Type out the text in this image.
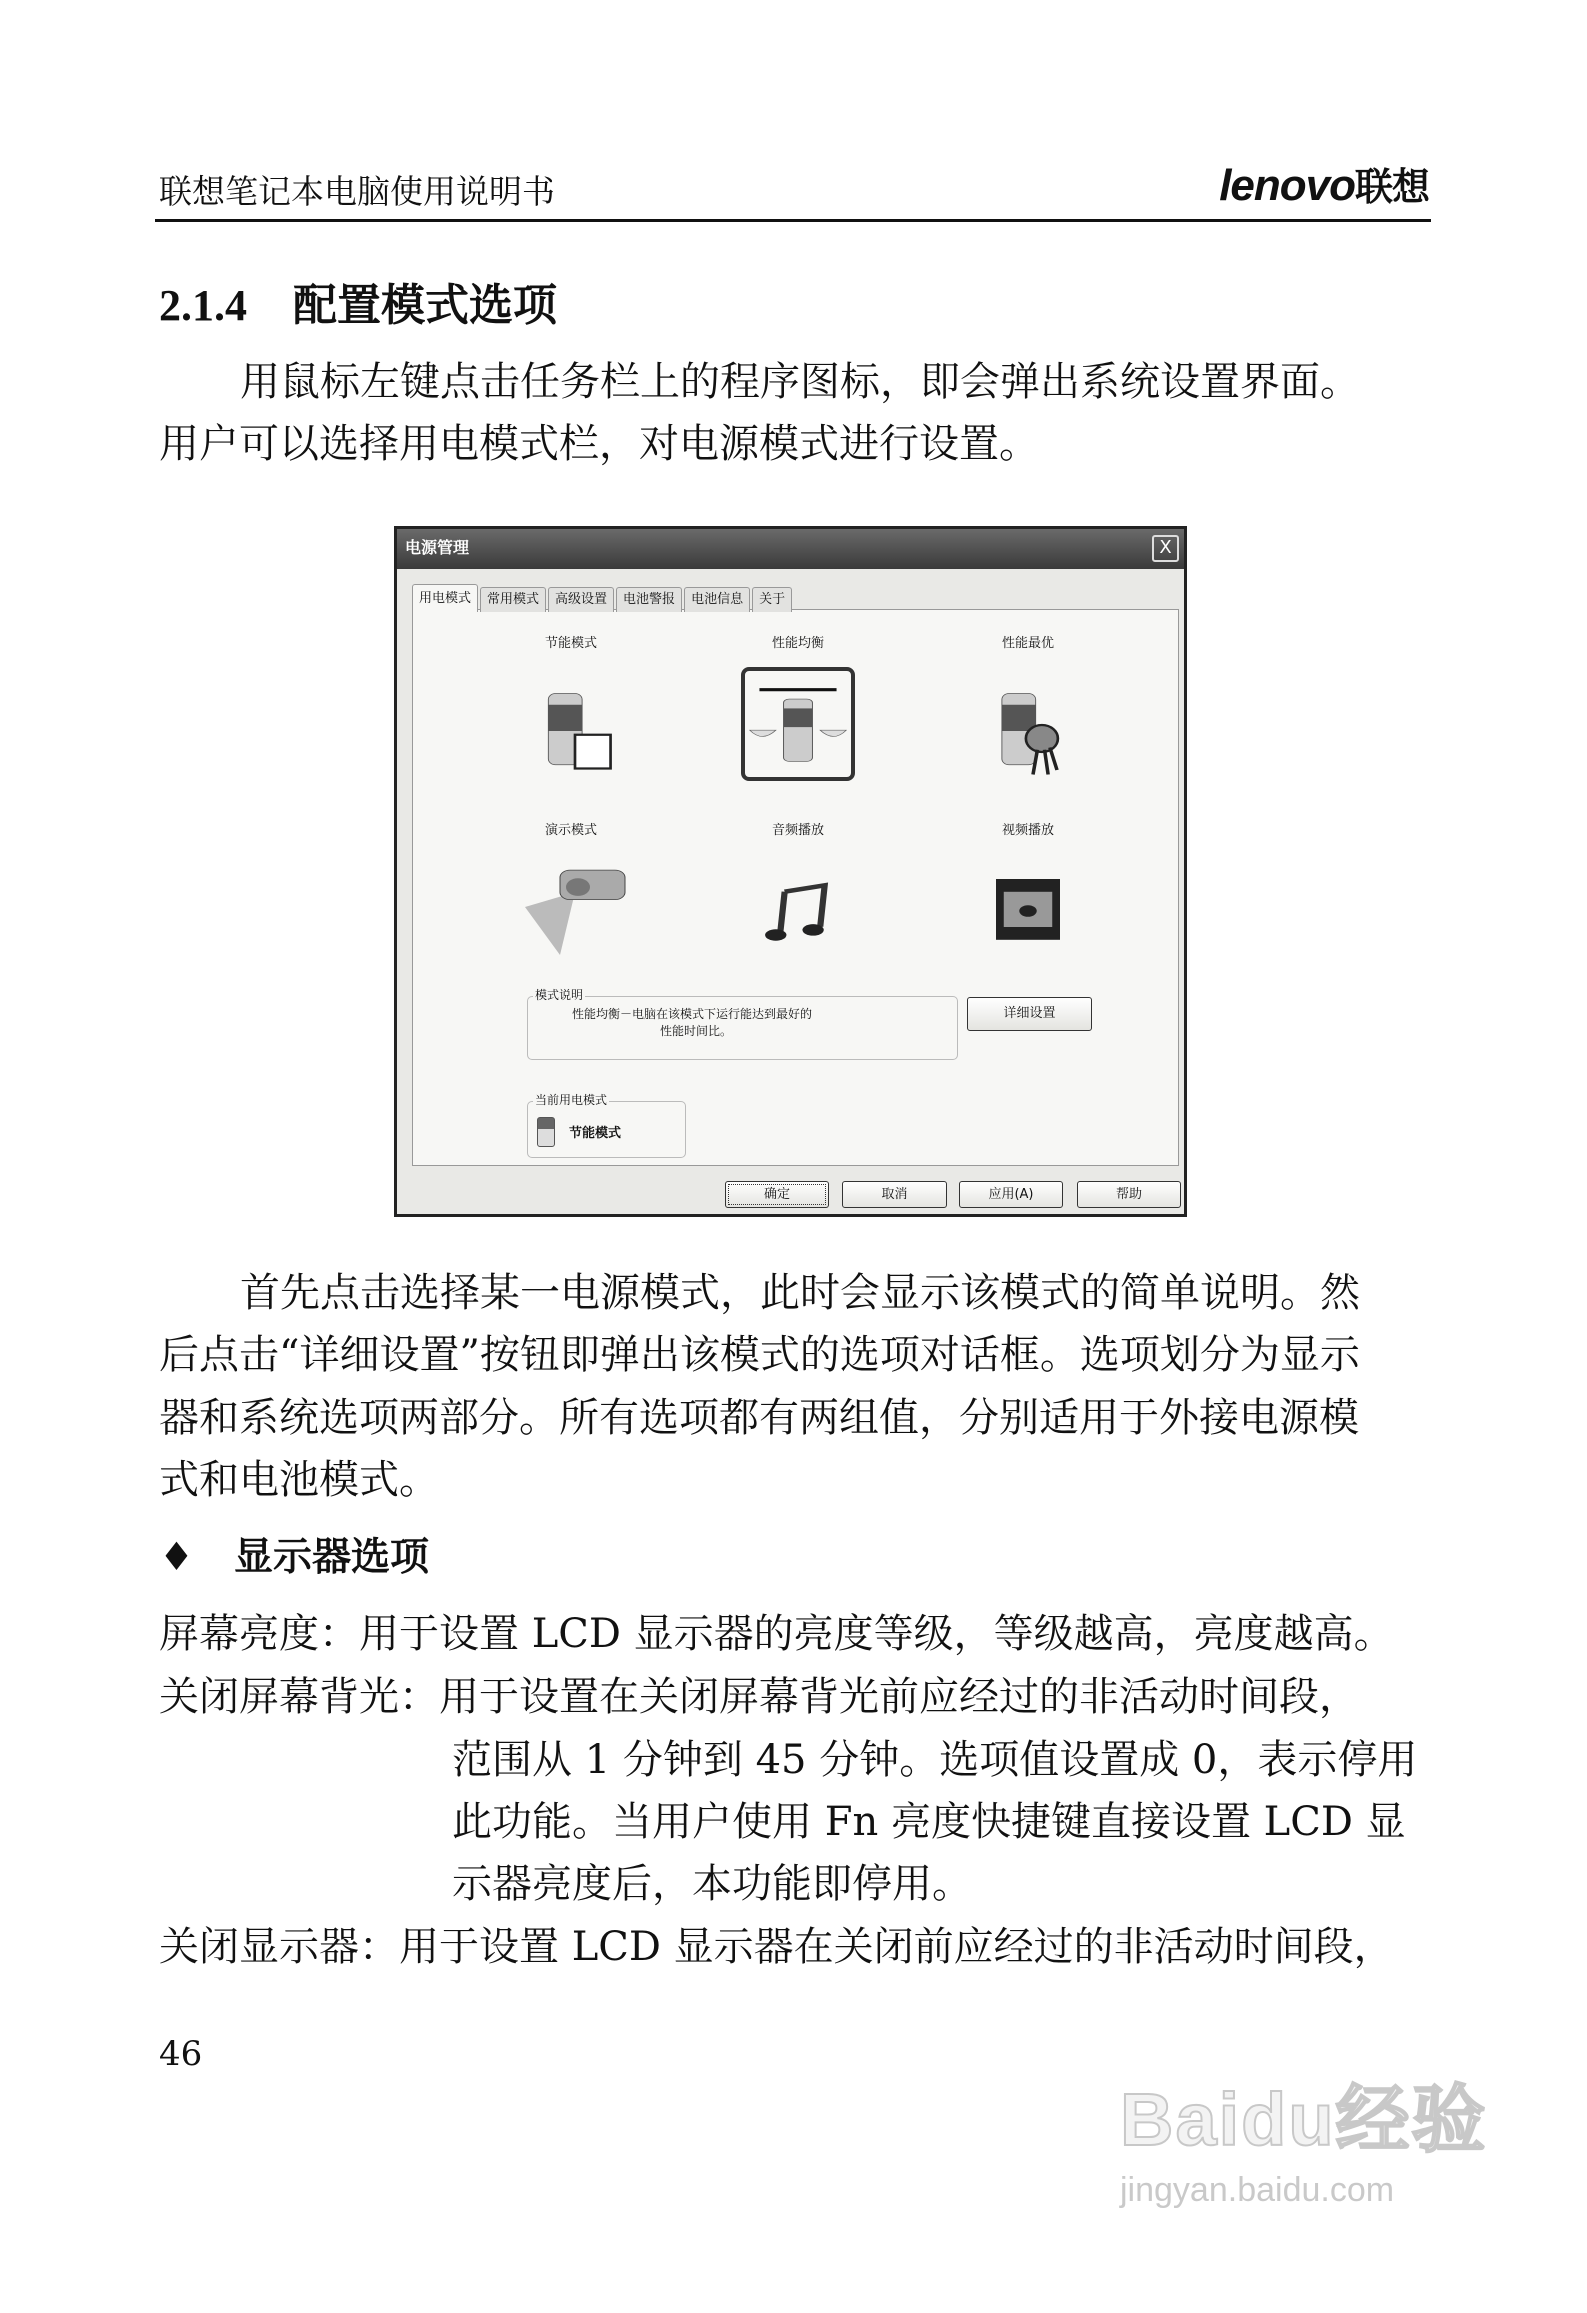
联想笔记本电脑使用说明书	lenovo联想
2.1.4 配置模式选项
用鼠标左键点击任务栏上的程序图标，即会弹出系统设置界面。
用户可以选择用电模式栏，对电源模式进行设置。
电源管理	X
用电模式	常用模式	高级设置	电池警报	电池信息	关于
节能模式	性能均衡	性能最优
演示模式	音频播放	视频播放
模式说明
性能均衡－电脑在该模式下运行能达到最好的
性能时间比。
详细设置
当前用电模式
节能模式
确定	取消	应用(A)	帮助
首先点击选择某一电源模式，此时会显示该模式的简单说明。然
后点击“详细设置”按钮即弹出该模式的选项对话框。选项划分为显示
器和系统选项两部分。所有选项都有两组值，分别适用于外接电源模
式和电池模式。
♦ 显示器选项
屏幕亮度：用于设置 LCD 显示器的亮度等级，等级越高，亮度越高。
关闭屏幕背光：用于设置在关闭屏幕背光前应经过的非活动时间段，
范围从 1 分钟到 45 分钟。选项值设置成 0，表示停用
此功能。当用户使用 Fn 亮度快捷键直接设置 LCD 显
示器亮度后，本功能即停用。
关闭显示器：用于设置 LCD 显示器在关闭前应经过的非活动时间段，
46
Baidu经验
jingyan.baidu.com
